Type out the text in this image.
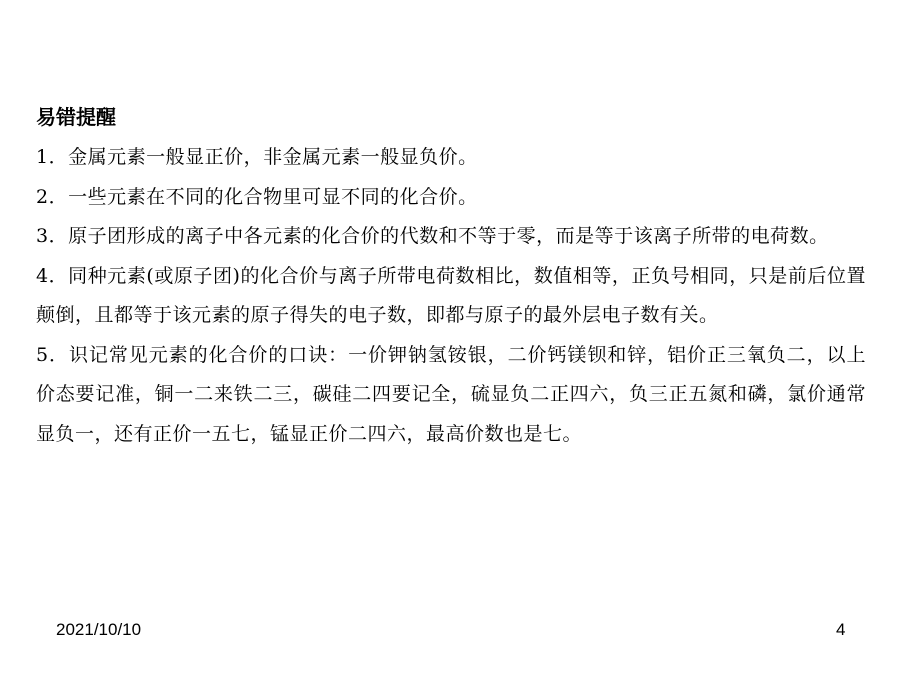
易错提醒
1．金属元素一般显正价，非金属元素一般显负价。
2．一些元素在不同的化合物里可显不同的化合价。
3．原子团形成的离子中各元素的化合价的代数和不等于零，而是等于该离子所带的电荷数。
4．同种元素(或原子团)的化合价与离子所带电荷数相比，数值相等，正负号相同，只是前后位置颠倒，且都等于该元素的原子得失的电子数，即都与原子的最外层电子数有关。
5．识记常见元素的化合价的口诀：一价钾钠氢铵银，二价钙镁钡和锌，铝价正三氧负二，以上价态要记准，铜一二来铁二三，碳硅二四要记全，硫显负二正四六，负三正五氮和磷，氯价通常显负一，还有正价一五七，锰显正价二四六，最高价数也是七。
2021/10/10	4
